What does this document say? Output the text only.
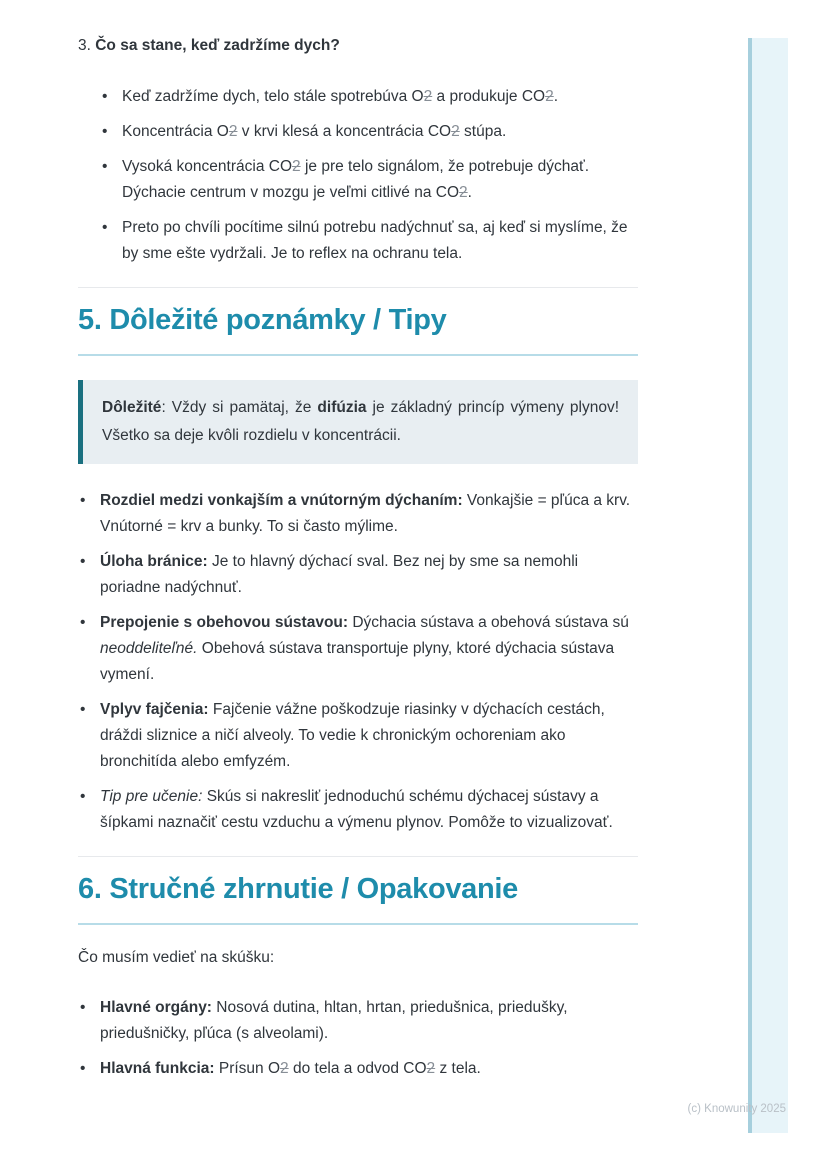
3. Čo sa stane, keď zadržíme dych?

• Keď zadržíme dych, telo stále spotrebúva O2 a produkuje CO2.
• Koncentrácia O2 v krvi klesá a koncentrácia CO2 stúpa.
• Vysoká koncentrácia CO2 je pre telo signálom, že potrebuje dýchať. Dýchacie centrum v mozgu je veľmi citlivé na CO2.
• Preto po chvíli pocítime silnú potrebu nadýchnuť sa, aj keď si myslíme, že by sme ešte vydržali. Je to reflex na ochranu tela.
5. Dôležité poznámky / Tipy
Dôležité: Vždy si pamätaj, že difúzia je základný princíp výmeny plynov! Všetko sa deje kvôli rozdielu v koncentrácii.
• Rozdiel medzi vonkajším a vnútorným dýchaním: Vonkajšie = pľúca a krv. Vnútorné = krv a bunky. To si často mýlime.
• Úloha bránice: Je to hlavný dýchací sval. Bez nej by sme sa nemohli poriadne nadýchnuť.
• Prepojenie s obehovou sústavou: Dýchacia sústava a obehová sústava sú neoddeliteľné. Obehová sústava transportuje plyny, ktoré dýchacia sústava vymení.
• Vplyv fajčenia: Fajčenie vážne poškodzuje riasinky v dýchacích cestách, dráždi sliznice a ničí alveoly. To vedie k chronickým ochoreniam ako bronchitída alebo emfyzém.
• Tip pre učenie: Skús si nakresliť jednoduchú schému dýchacej sústavy a šípkami naznačiť cestu vzduchu a výmenu plynov. Pomôže to vizualizovať.
6. Stručné zhrnutie / Opakovanie

Čo musím vedieť na skúšku:

• Hlavné orgány: Nosová dutina, hltan, hrtan, priedušnica, priedušky, priedušničky, pľúca (s alveolami).
• Hlavná funkcia: Prísun O2 do tela a odvod CO2 z tela.
(c) Knowunity 2025
